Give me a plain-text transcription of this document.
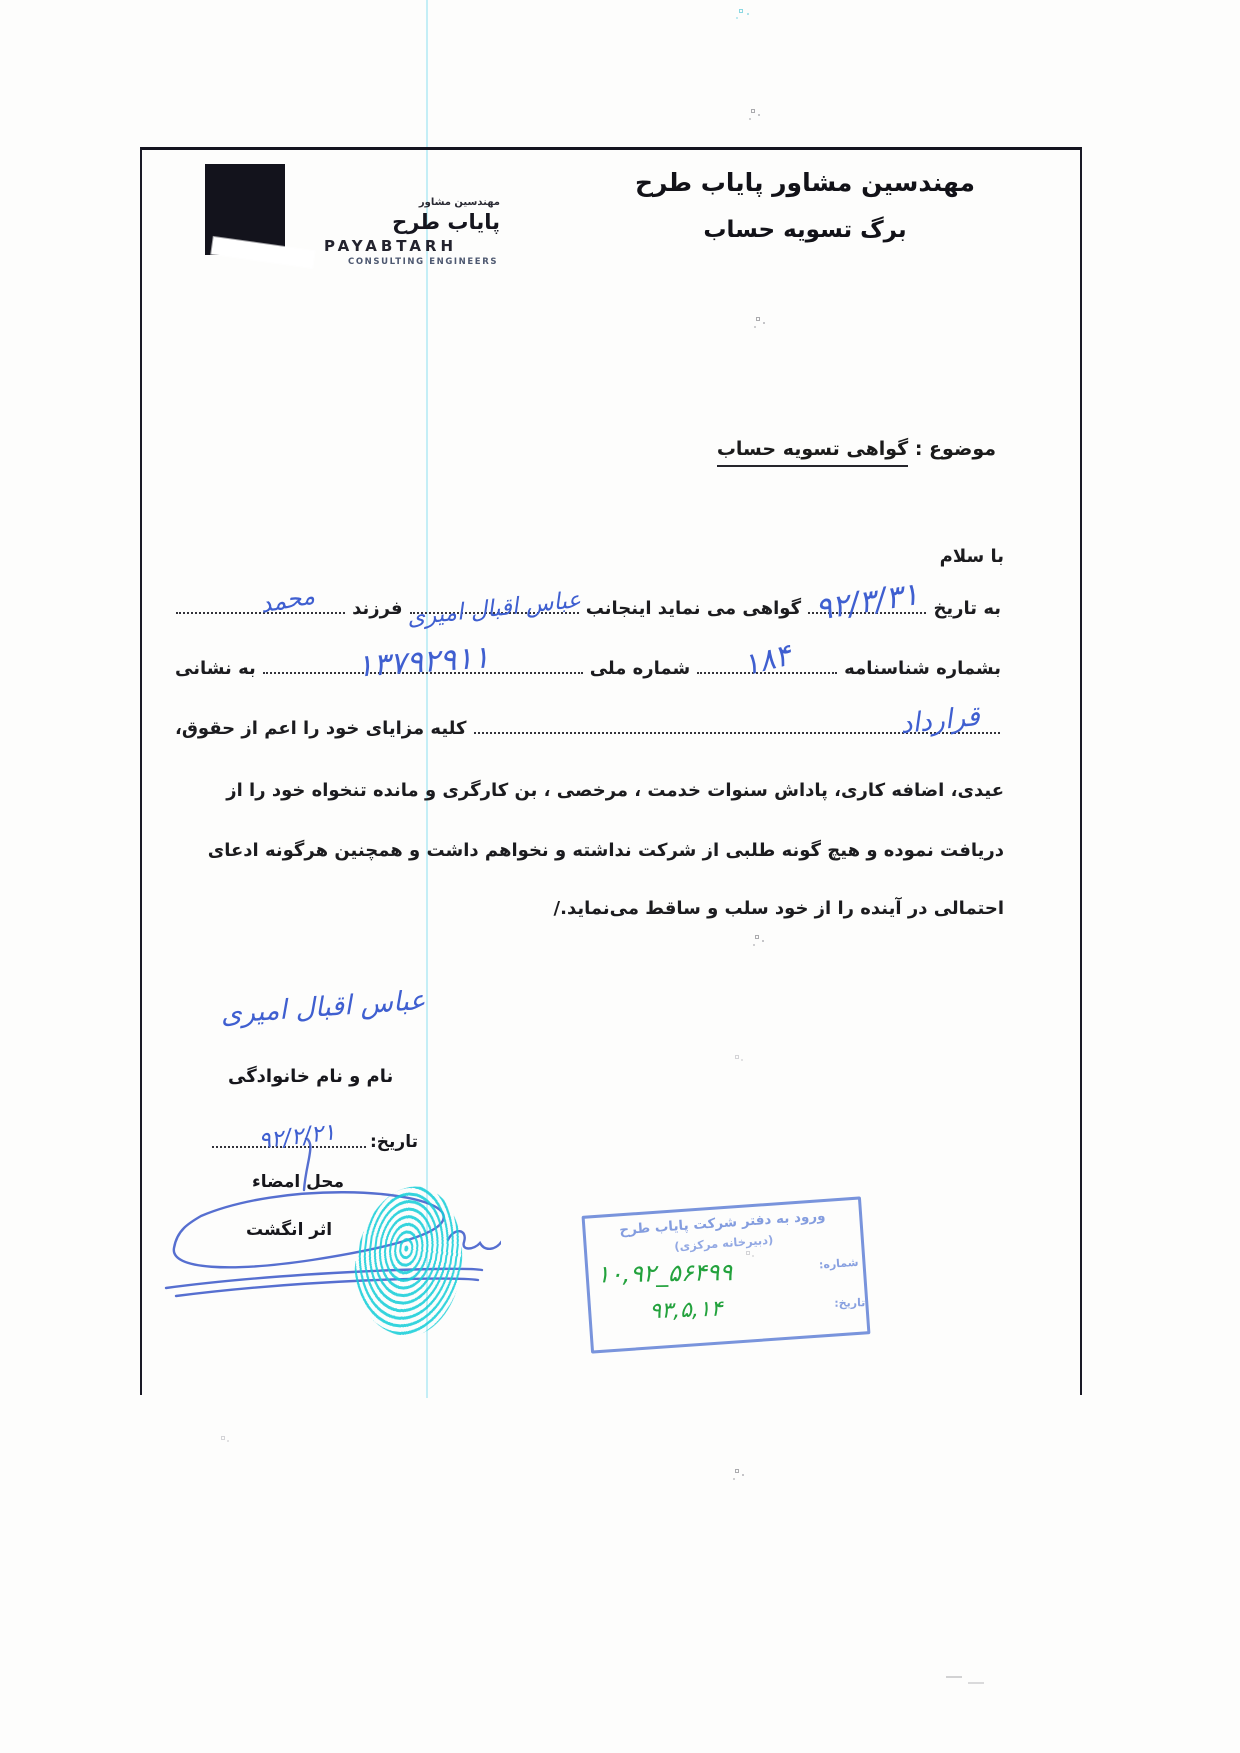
مهندسین مشاور
پایاب طرح
PAYABTARH
CONSULTING ENGINEERS
مهندسین مشاور پایاب طرح
برگ تسویه حساب
موضوع : گواهی تسویه حساب
با سلام
به تاریخ
۹۲/۳/۳۱
گواهی می نماید اینجانب
عباس اقبال امیری
فرزند
محمد
بشماره شناسنامه
۱۸۴
شماره ملی
۱۳۷۹۲۹۱۱
به نشانی
قرارداد
کلیه مزایای خود را اعم از حقوق،
عیدی، اضافه کاری، پاداش سنوات خدمت ، مرخصی ، بن کارگری و مانده تنخواه خود را از
دریافت نموده و هیچ گونه طلبی از شرکت نداشته و نخواهم داشت و همچنین هرگونه ادعای
احتمالی در آینده را از خود سلب و ساقط می‌نماید./
عباس اقبال امیری
نام و نام خانوادگی
تاریخ:
۹۲/۲/۲۱
محل امضاء
اثر انگشت	ورود به دفتر شرکت پایاب طرح
(دبیرخانه مرکزی)
شماره:
تاریخ:
۱۰,۹۲_۵۶۴۹۹
۹۳,۵,۱۴
